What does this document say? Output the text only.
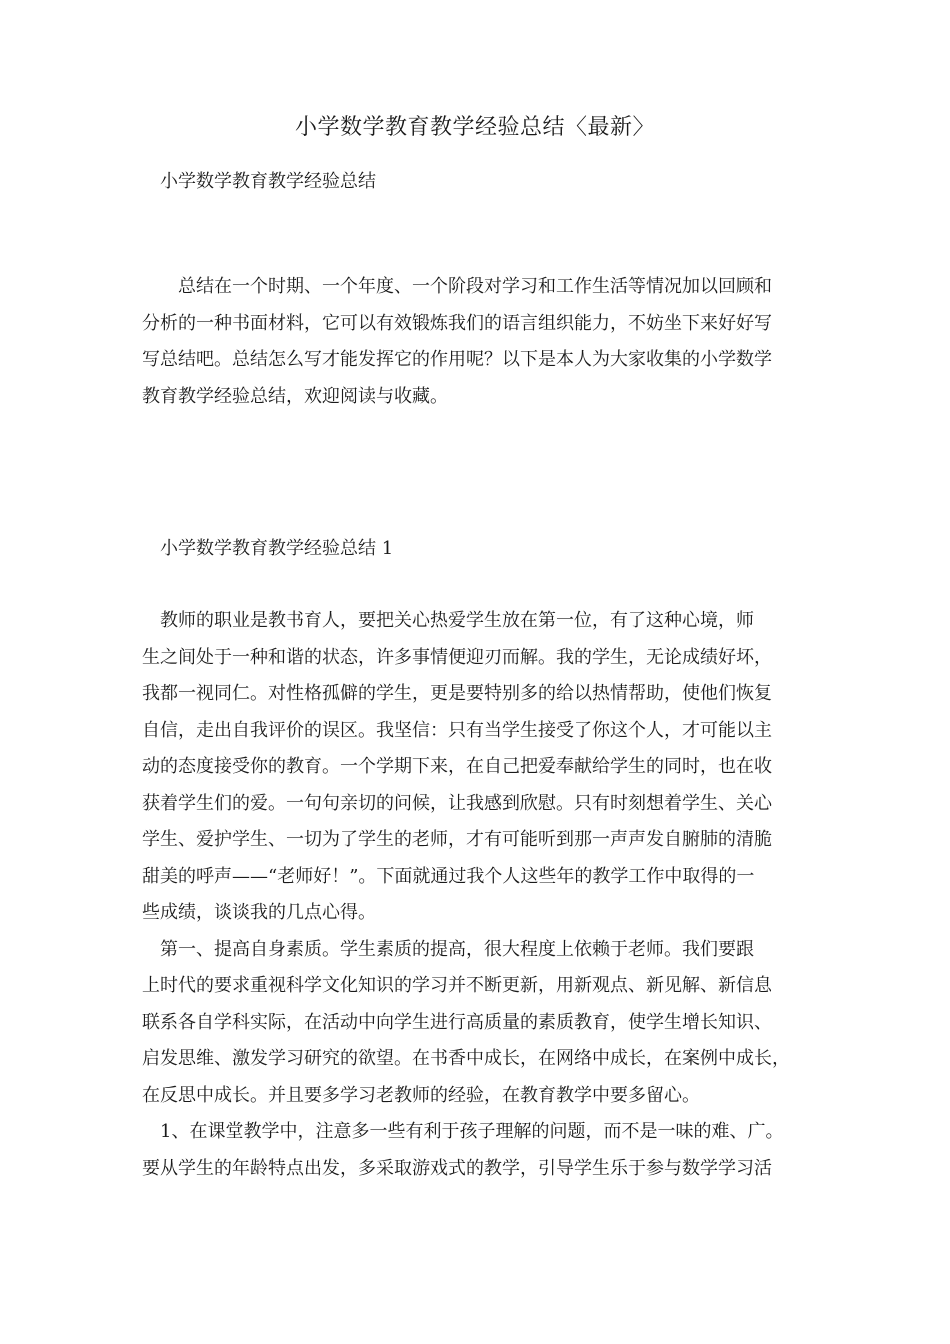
小学数学教育教学经验总结〈最新〉
小学数学教育教学经验总结
　　总结在一个时期、一个年度、一个阶段对学习和工作生活等情况加以回顾和
分析的一种书面材料，它可以有效锻炼我们的语言组织能力，不妨坐下来好好写
写总结吧。总结怎么写才能发挥它的作用呢？以下是本人为大家收集的小学数学
教育教学经验总结，欢迎阅读与收藏。
小学数学教育教学经验总结 1
　教师的职业是教书育人，要把关心热爱学生放在第一位，有了这种心境，师
生之间处于一种和谐的状态，许多事情便迎刃而解。我的学生，无论成绩好坏，
我都一视同仁。对性格孤僻的学生，更是要特别多的给以热情帮助，使他们恢复
自信，走出自我评价的误区。我坚信：只有当学生接受了你这个人，才可能以主
动的态度接受你的教育。一个学期下来，在自己把爱奉献给学生的同时，也在收
获着学生们的爱。一句句亲切的问候，让我感到欣慰。只有时刻想着学生、关心
学生、爱护学生、一切为了学生的老师，才有可能听到那一声声发自腑肺的清脆
甜美的呼声——“老师好！”。下面就通过我个人这些年的教学工作中取得的一
些成绩，谈谈我的几点心得。
　第一、提高自身素质。学生素质的提高，很大程度上依赖于老师。我们要跟
上时代的要求重视科学文化知识的学习并不断更新，用新观点、新见解、新信息
联系各自学科实际，在活动中向学生进行高质量的素质教育，使学生增长知识、
启发思维、激发学习研究的欲望。在书香中成长，在网络中成长，在案例中成长，
在反思中成长。并且要多学习老教师的经验，在教育教学中要多留心。
　1、在课堂教学中，注意多一些有利于孩子理解的问题，而不是一味的难、广。
要从学生的年龄特点出发，多采取游戏式的教学，引导学生乐于参与数学学习活
